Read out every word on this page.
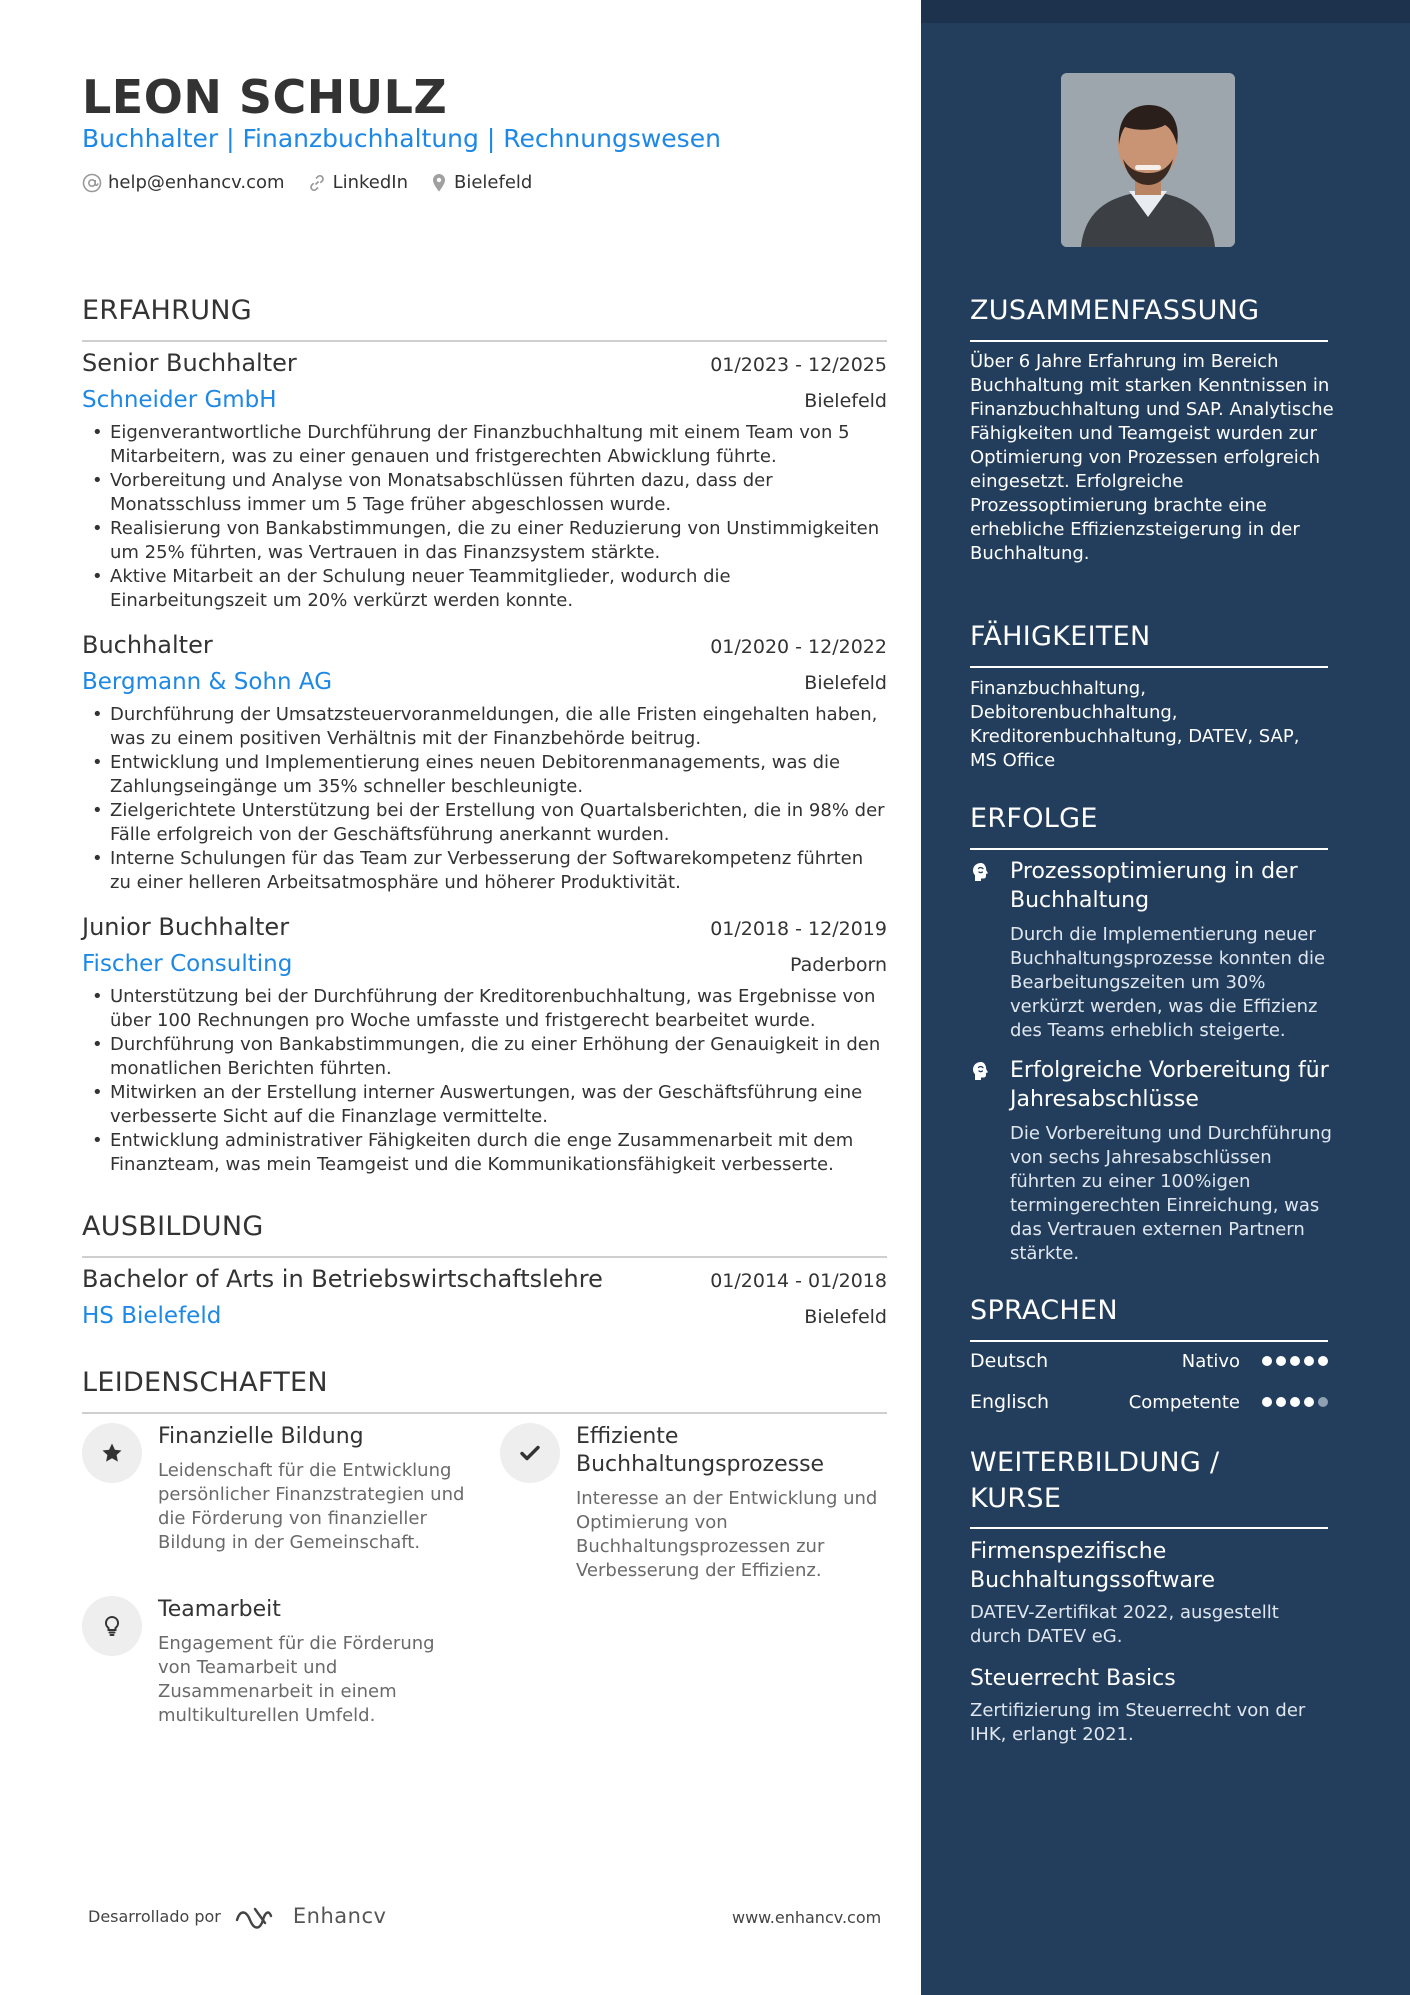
LEON SCHULZ
Buchhalter | Finanzbuchhaltung | Rechnungswesen
help@enhancv.com	LinkedIn	Bielefeld
ERFAHRUNG
Senior Buchhalter	01/2023 - 12/2025
Schneider GmbH	Bielefeld
• Eigenverantwortliche Durchführung der Finanzbuchhaltung mit einem Team von 5 Mitarbeitern, was zu einer genauen und fristgerechten Abwicklung führte.
• Vorbereitung und Analyse von Monatsabschlüssen führten dazu, dass der Monatsschluss immer um 5 Tage früher abgeschlossen wurde.
• Realisierung von Bankabstimmungen, die zu einer Reduzierung von Unstimmigkeiten um 25% führten, was Vertrauen in das Finanzsystem stärkte.
• Aktive Mitarbeit an der Schulung neuer Teammitglieder, wodurch die Einarbeitungszeit um 20% verkürzt werden konnte.
Buchhalter	01/2020 - 12/2022
Bergmann & Sohn AG	Bielefeld
• Durchführung der Umsatzsteuervoranmeldungen, die alle Fristen eingehalten haben, was zu einem positiven Verhältnis mit der Finanzbehörde beitrug.
• Entwicklung und Implementierung eines neuen Debitorenmanagements, was die Zahlungseingänge um 35% schneller beschleunigte.
• Zielgerichtete Unterstützung bei der Erstellung von Quartalsberichten, die in 98% der Fälle erfolgreich von der Geschäftsführung anerkannt wurden.
• Interne Schulungen für das Team zur Verbesserung der Softwarekompetenz führten zu einer helleren Arbeitsatmosphäre und höherer Produktivität.
Junior Buchhalter	01/2018 - 12/2019
Fischer Consulting	Paderborn
• Unterstützung bei der Durchführung der Kreditorenbuchhaltung, was Ergebnisse von über 100 Rechnungen pro Woche umfasste und fristgerecht bearbeitet wurde.
• Durchführung von Bankabstimmungen, die zu einer Erhöhung der Genauigkeit in den monatlichen Berichten führten.
• Mitwirken an der Erstellung interner Auswertungen, was der Geschäftsführung eine verbesserte Sicht auf die Finanzlage vermittelte.
• Entwicklung administrativer Fähigkeiten durch die enge Zusammenarbeit mit dem Finanzteam, was mein Teamgeist und die Kommunikationsfähigkeit verbesserte.
AUSBILDUNG
Bachelor of Arts in Betriebswirtschaftslehre	01/2014 - 01/2018
HS Bielefeld	Bielefeld
LEIDENSCHAFTEN
Finanzielle Bildung
Leidenschaft für die Entwicklung persönlicher Finanzstrategien und die Förderung von finanzieller Bildung in der Gemeinschaft.
Effiziente Buchhaltungsprozesse
Interesse an der Entwicklung und Optimierung von Buchhaltungsprozessen zur Verbesserung der Effizienz.
Teamarbeit
Engagement für die Förderung von Teamarbeit und Zusammenarbeit in einem multikulturellen Umfeld.
Desarrollado por	Enhancv	www.enhancv.com
ZUSAMMENFASSUNG
Über 6 Jahre Erfahrung im Bereich Buchhaltung mit starken Kenntnissen in Finanzbuchhaltung und SAP. Analytische Fähigkeiten und Teamgeist wurden zur Optimierung von Prozessen erfolgreich eingesetzt. Erfolgreiche Prozessoptimierung brachte eine erhebliche Effizienzsteigerung in der Buchhaltung.
FÄHIGKEITEN
Finanzbuchhaltung, Debitorenbuchhaltung, Kreditorenbuchhaltung, DATEV, SAP, MS Office
ERFOLGE
Prozessoptimierung in der Buchhaltung
Durch die Implementierung neuer Buchhaltungsprozesse konnten die Bearbeitungszeiten um 30% verkürzt werden, was die Effizienz des Teams erheblich steigerte.
Erfolgreiche Vorbereitung für Jahresabschlüsse
Die Vorbereitung und Durchführung von sechs Jahresabschlüssen führten zu einer 100%igen termingerechten Einreichung, was das Vertrauen externen Partnern stärkte.
SPRACHEN
Deutsch	Nativo
Englisch	Competente
WEITERBILDUNG / KURSE
Firmenspezifische Buchhaltungssoftware
DATEV-Zertifikat 2022, ausgestellt durch DATEV eG.
Steuerrecht Basics
Zertifizierung im Steuerrecht von der IHK, erlangt 2021.
